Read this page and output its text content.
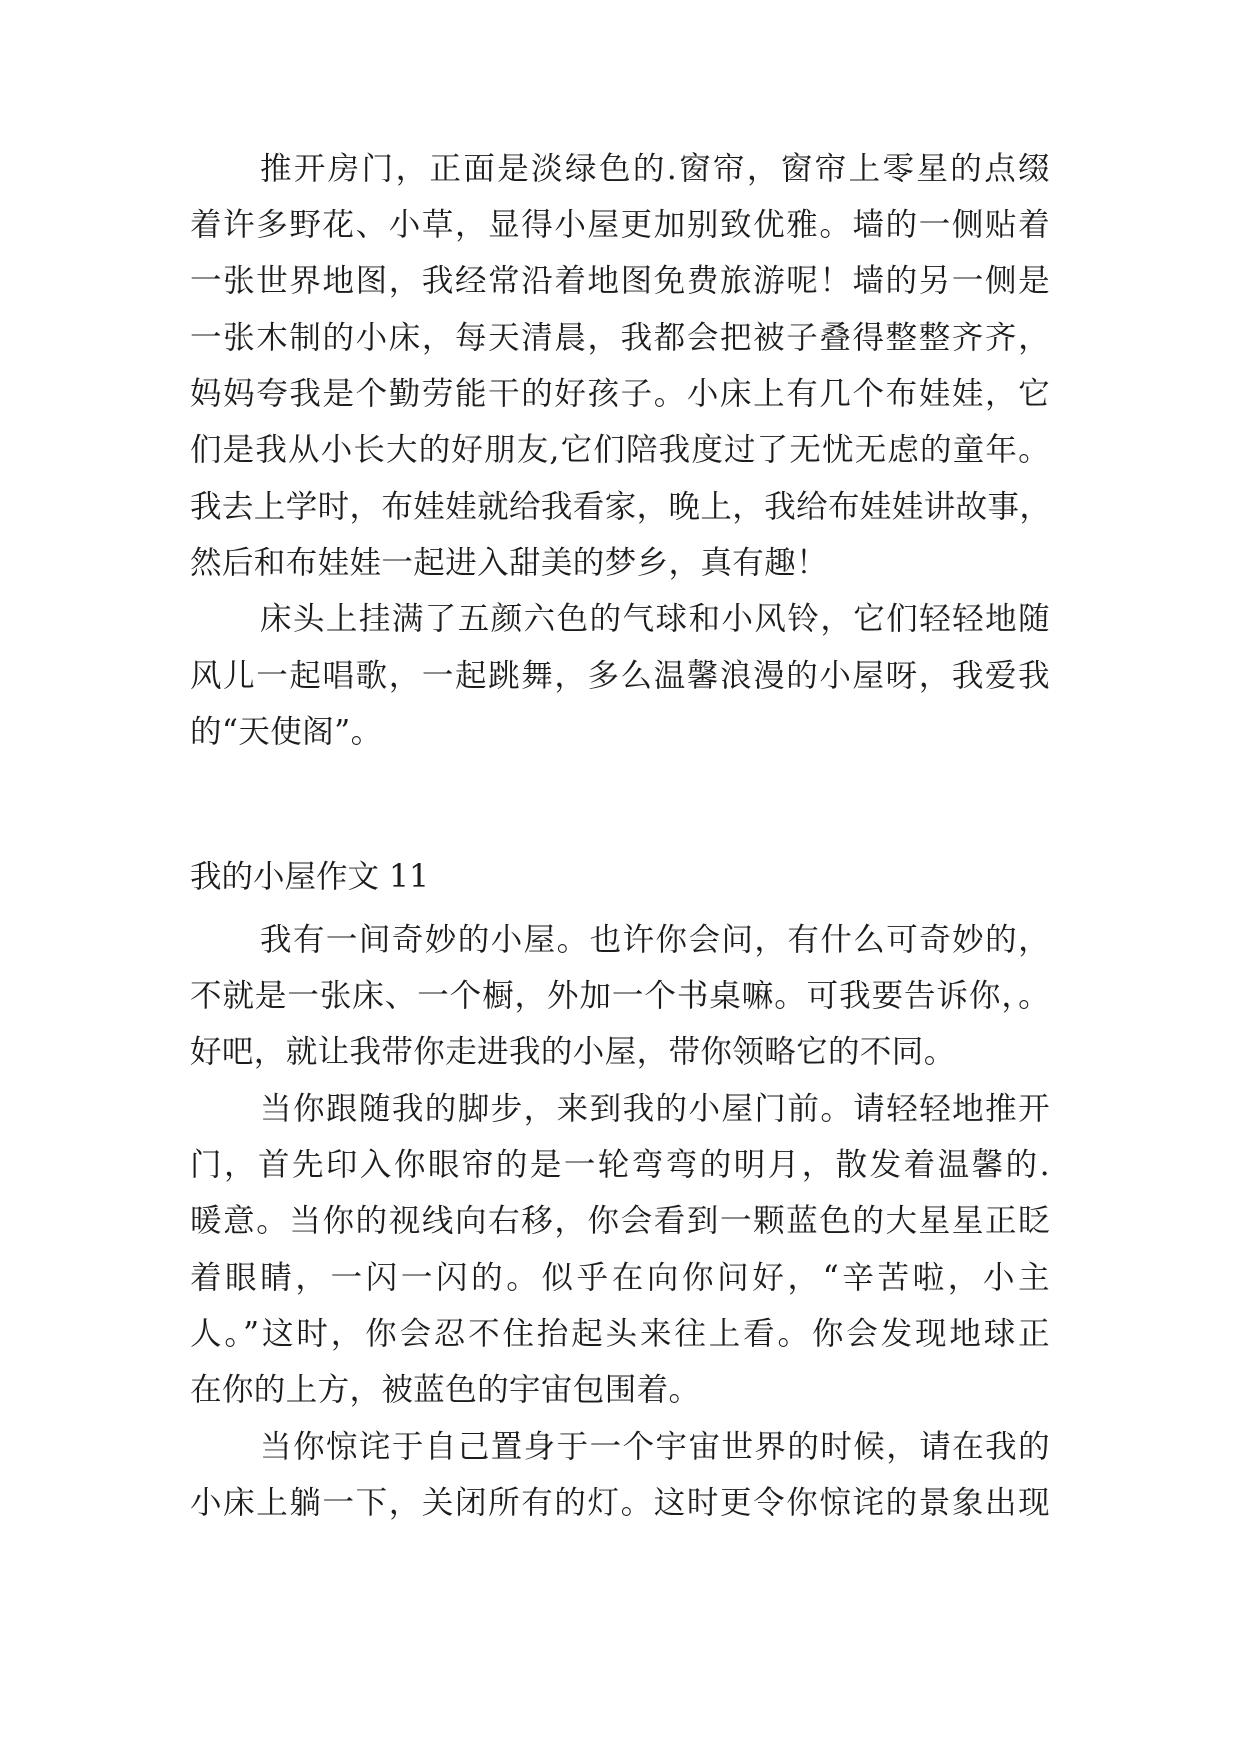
推开房门，正面是淡绿色的.窗帘，窗帘上零星的点缀
着许多野花、小草，显得小屋更加别致优雅。墙的一侧贴着
一张世界地图，我经常沿着地图免费旅游呢！墙的另一侧是
一张木制的小床，每天清晨，我都会把被子叠得整整齐齐，
妈妈夸我是个勤劳能干的好孩子。小床上有几个布娃娃，它
们是我从小长大的好朋友,它们陪我度过了无忧无虑的童年。
我去上学时，布娃娃就给我看家，晚上，我给布娃娃讲故事，
然后和布娃娃一起进入甜美的梦乡，真有趣！
床头上挂满了五颜六色的气球和小风铃，它们轻轻地随
风儿一起唱歌，一起跳舞，多么温馨浪漫的小屋呀，我爱我
的“天使阁”。
我的小屋作文 11
我有一间奇妙的小屋。也许你会问，有什么可奇妙的，
不就是一张床、一个橱，外加一个书桌嘛。可我要告诉你，。
好吧，就让我带你走进我的小屋，带你领略它的不同。
当你跟随我的脚步，来到我的小屋门前。请轻轻地推开
门，首先印入你眼帘的是一轮弯弯的明月，散发着温馨的.
暖意。当你的视线向右移，你会看到一颗蓝色的大星星正眨
着眼睛，一闪一闪的。似乎在向你问好，“辛苦啦，小主
人。”这时，你会忍不住抬起头来往上看。你会发现地球正
在你的上方，被蓝色的宇宙包围着。
当你惊诧于自己置身于一个宇宙世界的时候，请在我的
小床上躺一下，关闭所有的灯。这时更令你惊诧的景象出现
